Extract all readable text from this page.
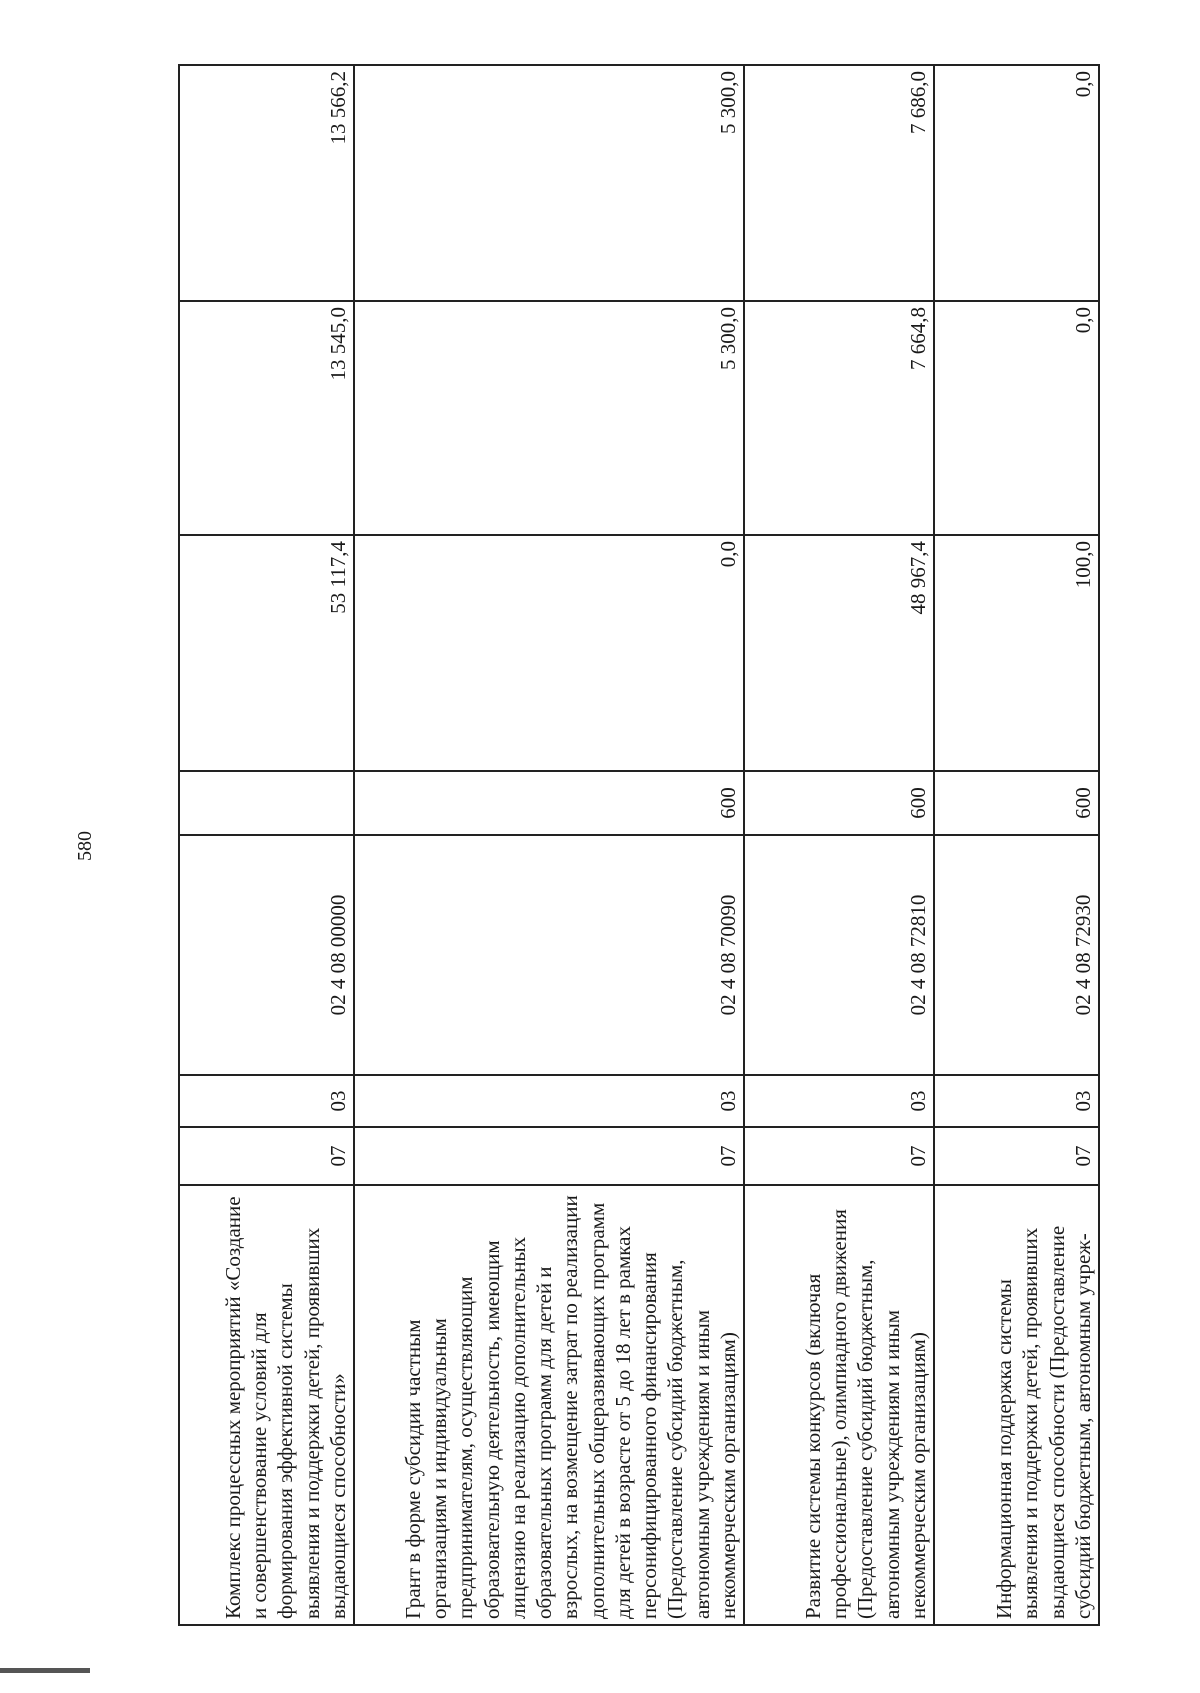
580
Комплекс процессных мероприятий «Создание и совершенствование условий для формирования эффективной системы выявления и поддержки детей, проявивших выдающиеся способности»	07	03	02 4 08 00000		53 117,4	13 545,0	13 566,2
Грант в форме субсидии частным организациям и индивидуальным предпринимателям, осуществляющим образовательную деятельность, имеющим лицензию на реализацию дополнительных образовательных программ для детей и взрослых, на возмещение затрат по реализации дополнительных общеразвивающих программ для детей в возрасте от 5 до 18 лет в рамках персонифицированного финансирования (Предоставление субсидий бюджетным, автономным учреждениям и иным некоммерческим организациям)	07	03	02 4 08 70090	600	0,0	5 300,0	5 300,0
Развитие системы конкурсов (включая профессиональные), олимпиадного движения (Предоставление субсидий бюджетным, автономным учреждениям и иным некоммерческим организациям)	07	03	02 4 08 72810	600	48 967,4	7 664,8	7 686,0
Информационная поддержка системы выявления и поддержки детей, проявивших выдающиеся способности (Предоставление субсидий бюджетным, автономным учреж-	07	03	02 4 08 72930	600	100,0	0,0	0,0
